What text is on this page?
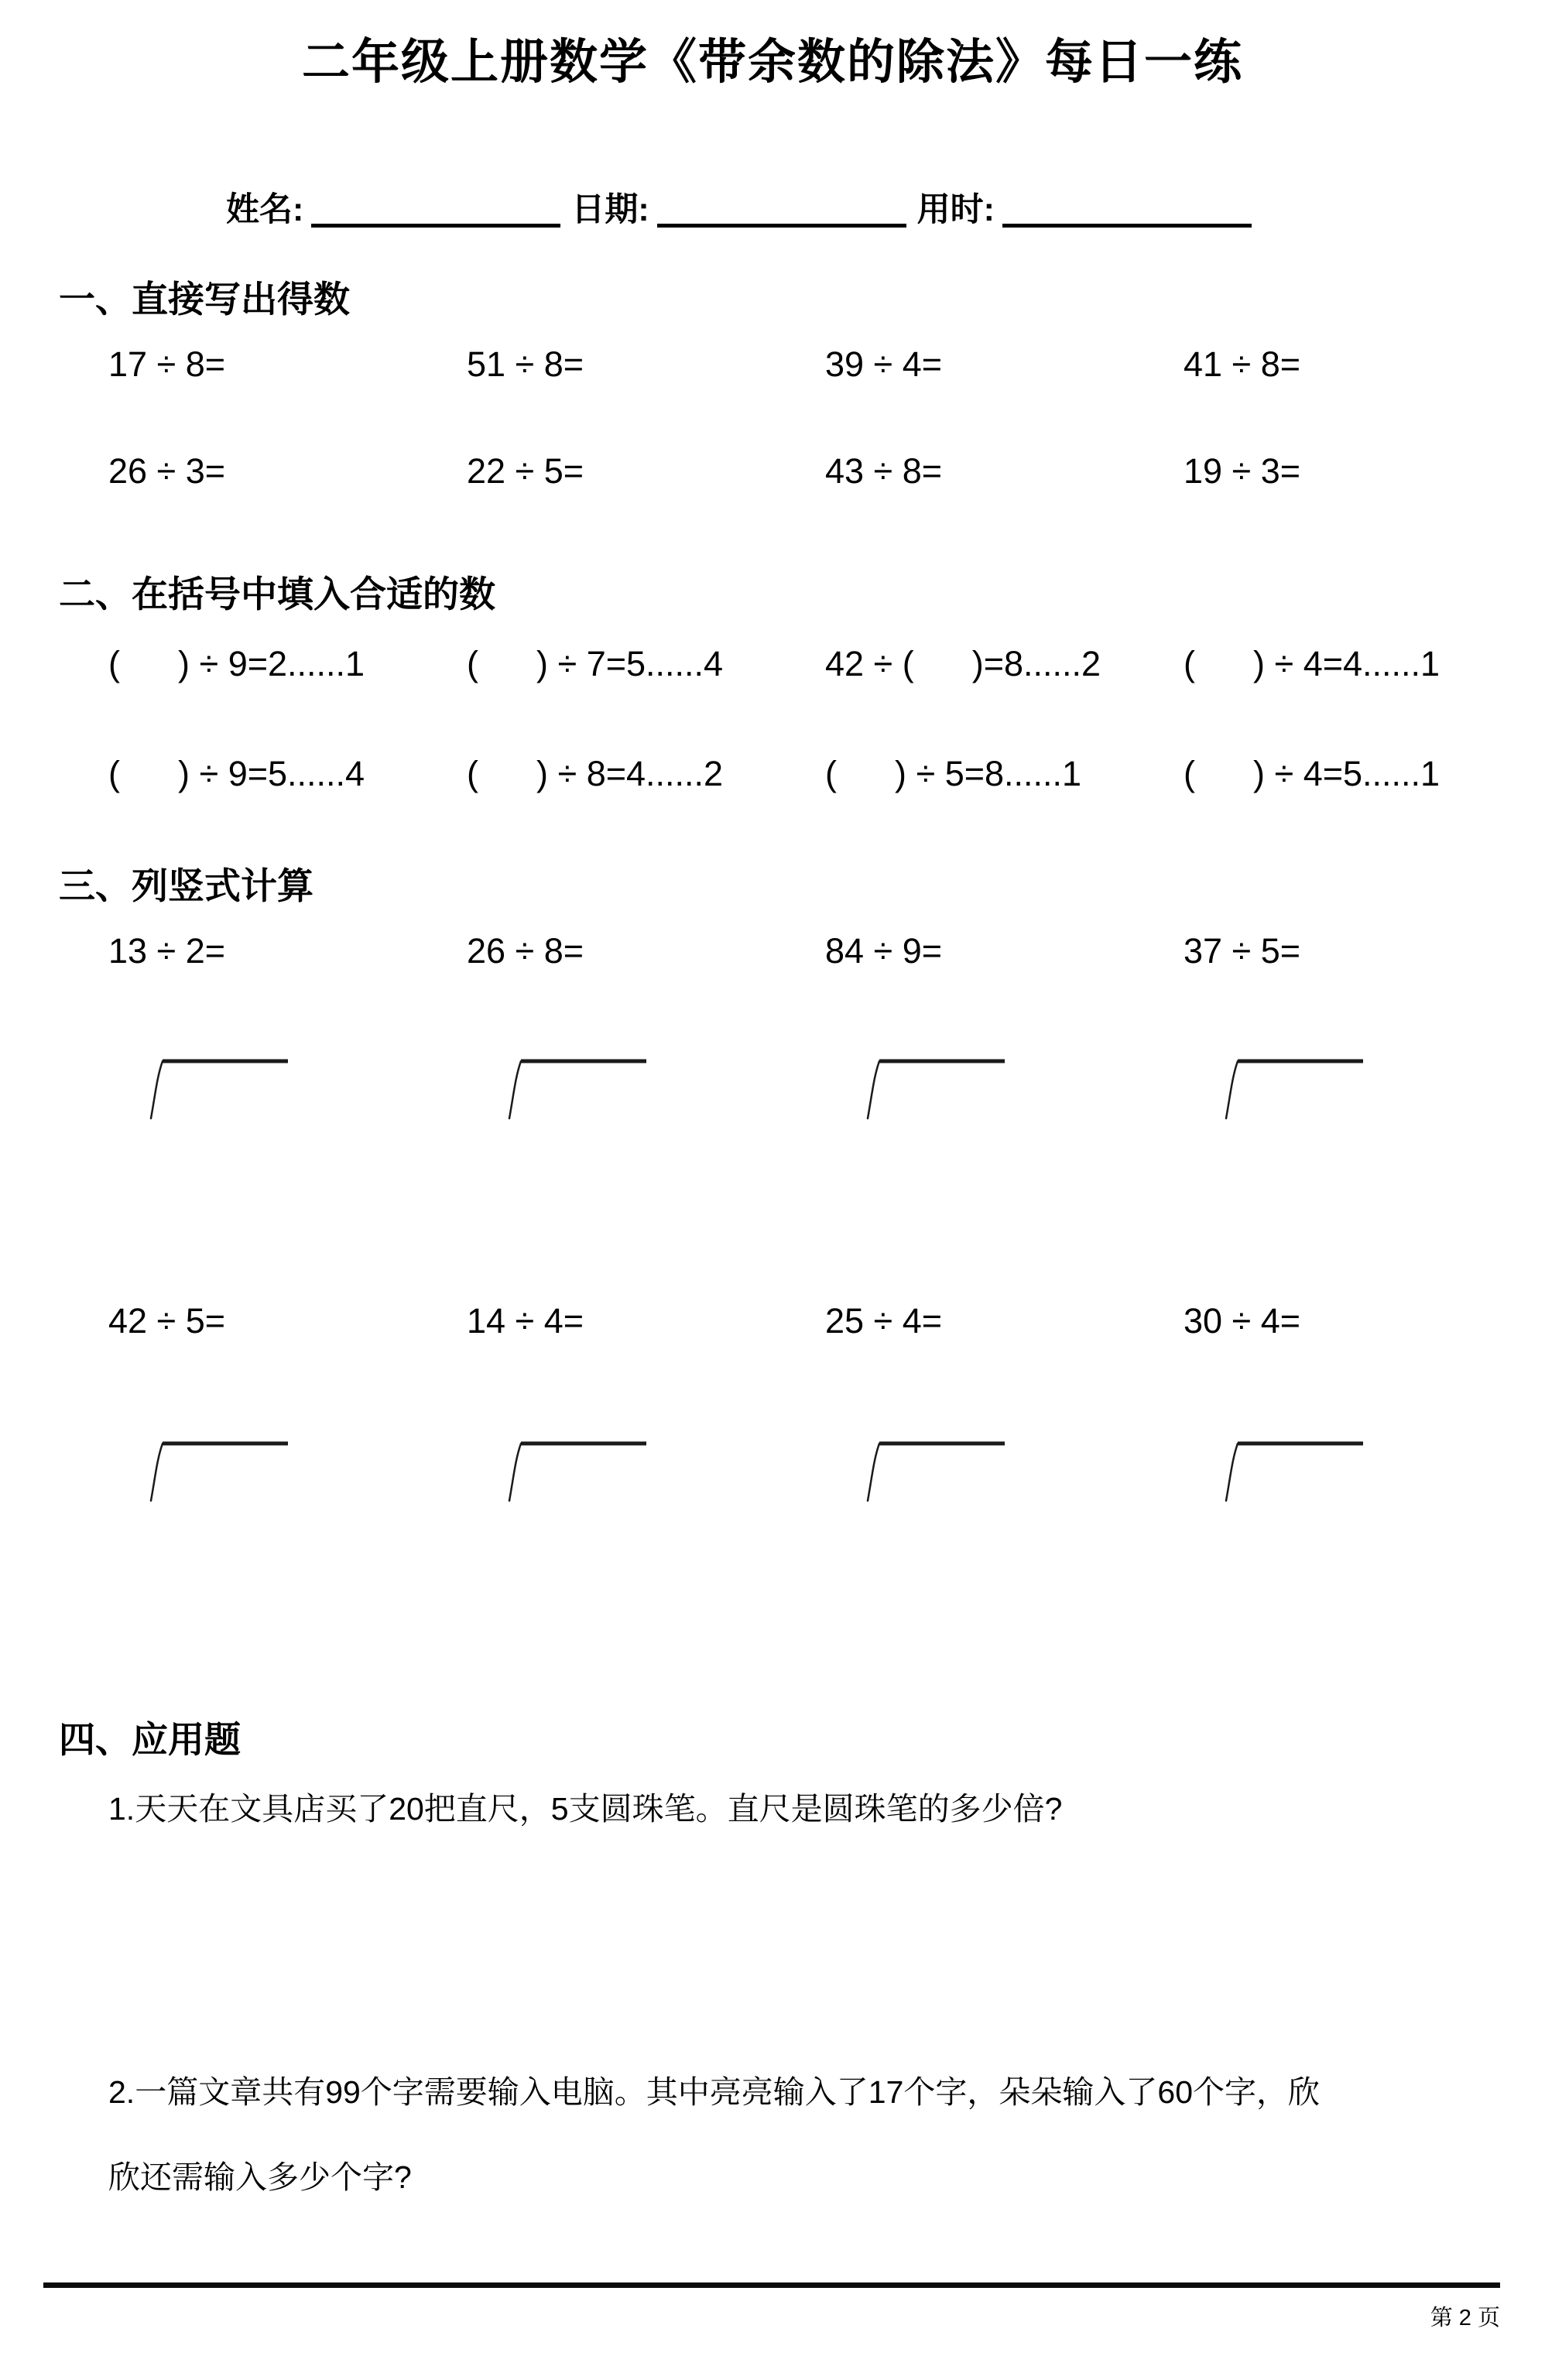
二年级上册数学《带余数的除法》每日一练
姓名:	日期:	用时:
一、直接写出得数
17 ÷ 8=	51 ÷ 8=	39 ÷ 4=	41 ÷ 8=
26 ÷ 3=	22 ÷ 5=	43 ÷ 8=	19 ÷ 3=
二、在括号中填入合适的数
(      ) ÷ 9=2......1	(      ) ÷ 7=5......4	42 ÷ (      )=8......2	(      ) ÷ 4=4......1
(      ) ÷ 9=5......4	(      ) ÷ 8=4......2	(      ) ÷ 5=8......1	(      ) ÷ 4=5......1
三、列竖式计算
13 ÷ 2=	26 ÷ 8=	84 ÷ 9=	37 ÷ 5=
42 ÷ 5=	14 ÷ 4=	25 ÷ 4=	30 ÷ 4=
四、应用题
1.天天在文具店买了20把直尺，5支圆珠笔。直尺是圆珠笔的多少倍?
2.一篇文章共有99个字需要输入电脑。其中亮亮输入了17个字，朵朵输入了60个字，欣
欣还需输入多少个字?
第 2 页
